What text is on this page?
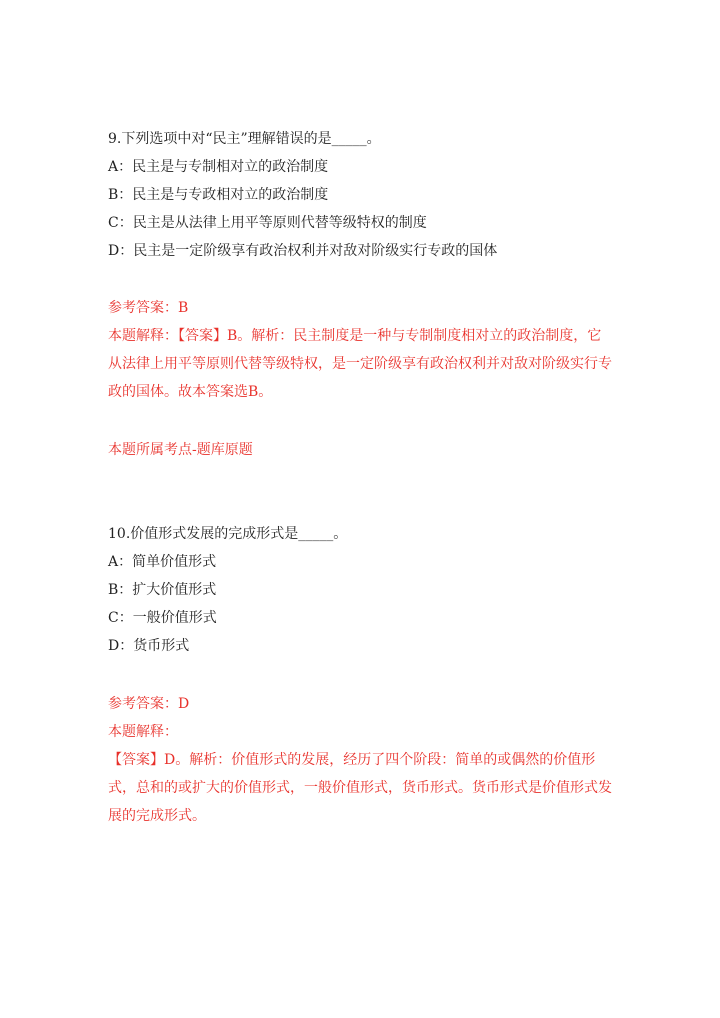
9.下列选项中对“民主”理解错误的是_____。
A：民主是与专制相对立的政治制度
B：民主是与专政相对立的政治制度
C：民主是从法律上用平等原则代替等级特权的制度
D：民主是一定阶级享有政治权利并对敌对阶级实行专政的国体
参考答案：B
本题解释：【答案】B。解析：民主制度是一种与专制制度相对立的政治制度，它从法律上用平等原则代替等级特权，是一定阶级享有政治权利并对敌对阶级实行专政的国体。故本答案选B。
本题所属考点-题库原题
10.价值形式发展的完成形式是_____。
A：简单价值形式
B：扩大价值形式
C：一般价值形式
D：货币形式
参考答案：D
本题解释：
【答案】D。解析：价值形式的发展，经历了四个阶段：简单的或偶然的价值形式，总和的或扩大的价值形式，一般价值形式，货币形式。货币形式是价值形式发展的完成形式。
